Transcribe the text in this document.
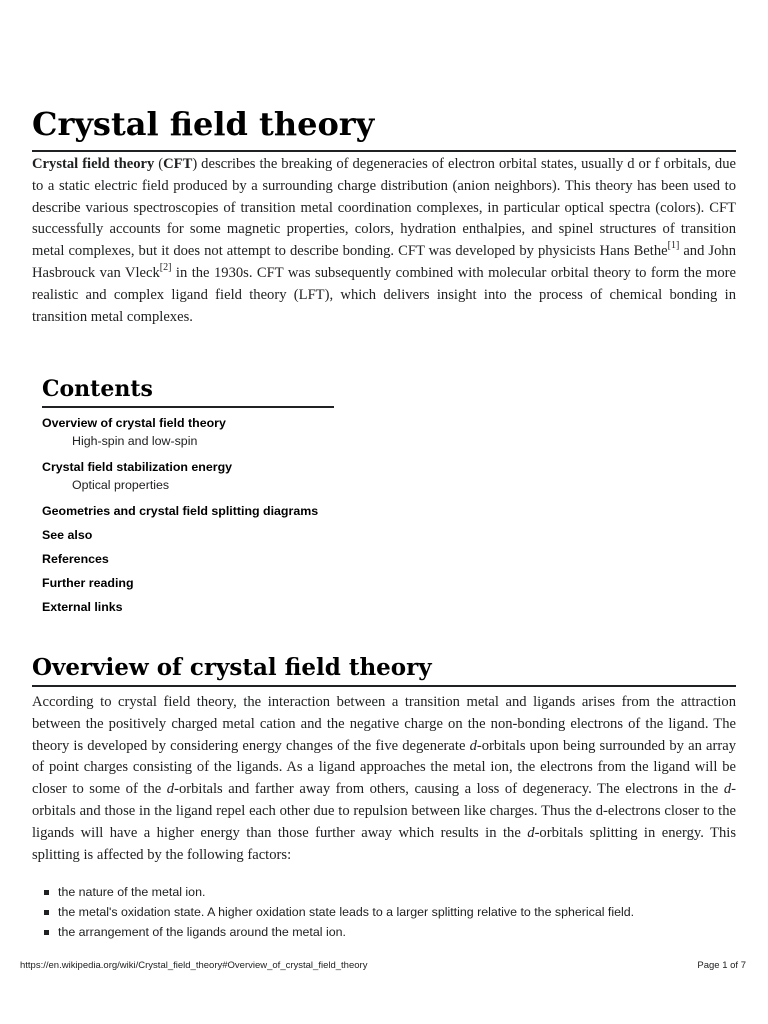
Crystal field theory

Crystal field theory (CFT) describes the breaking of degeneracies of electron orbital states, usually d or f orbitals, due to a static electric field produced by a surrounding charge distribution (anion neighbors). This theory has been used to describe various spectroscopies of transition metal coordination complexes, in particular optical spectra (colors). CFT successfully accounts for some magnetic properties, colors, hydration enthalpies, and spinel structures of transition metal complexes, but it does not attempt to describe bonding. CFT was developed by physicists Hans Bethe[1] and John Hasbrouck van Vleck[2] in the 1930s. CFT was subsequently combined with molecular orbital theory to form the more realistic and complex ligand field theory (LFT), which delivers insight into the process of chemical bonding in transition metal complexes.

Contents
Overview of crystal field theory
High-spin and low-spin
Crystal field stabilization energy
Optical properties
Geometries and crystal field splitting diagrams
See also
References
Further reading
External links
Overview of crystal field theory

According to crystal field theory, the interaction between a transition metal and ligands arises from the attraction between the positively charged metal cation and the negative charge on the non-bonding electrons of the ligand. The theory is developed by considering energy changes of the five degenerate d-orbitals upon being surrounded by an array of point charges consisting of the ligands. As a ligand approaches the metal ion, the electrons from the ligand will be closer to some of the d-orbitals and farther away from others, causing a loss of degeneracy. The electrons in the d-orbitals and those in the ligand repel each other due to repulsion between like charges. Thus the d-electrons closer to the ligands will have a higher energy than those further away which results in the d-orbitals splitting in energy. This splitting is affected by the following factors:

the nature of the metal ion.
the metal's oxidation state. A higher oxidation state leads to a larger splitting relative to the spherical field.
the arrangement of the ligands around the metal ion.
https://en.wikipedia.org/wiki/Crystal_field_theory#Overview_of_crystal_field_theory	Page 1 of 7
